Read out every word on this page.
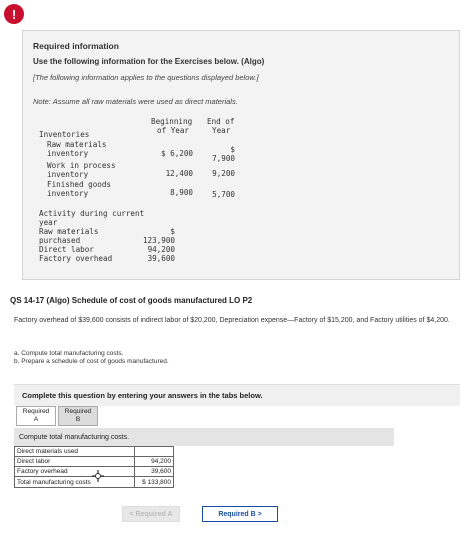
!
Required information
Use the following information for the Exercises below. (Algo)
[The following information applies to the questions displayed below.]
Note: Assume all raw materials were used as direct materials.
Beginning
of Year
End of
Year
Inventories
Raw materials
inventory	$ 6,200	$
7,900
Work in process
inventory	12,400	9,200
Finished goods
inventory	8,900	5,700
Activity during current
year
$
Raw materials
purchased	123,900
Direct labor	94,200
Factory overhead	39,600
QS 14-17 (Algo) Schedule of cost of goods manufactured LO P2
Factory overhead of $39,600 consists of indirect labor of $20,200, Depreciation expense—Factory of $15,200, and Factory utilities of $4,200.
a. Compute total manufacturing costs.
b. Prepare a schedule of cost of goods manufactured.
Complete this question by entering your answers in the tabs below.
Required
A
Required
B
Compute total manufacturing costs.
Direct materials used	
Direct labor	94,200
Factory overhead	39,600
Total manufacturing costs	$ 133,800
< Required A	Required B >
